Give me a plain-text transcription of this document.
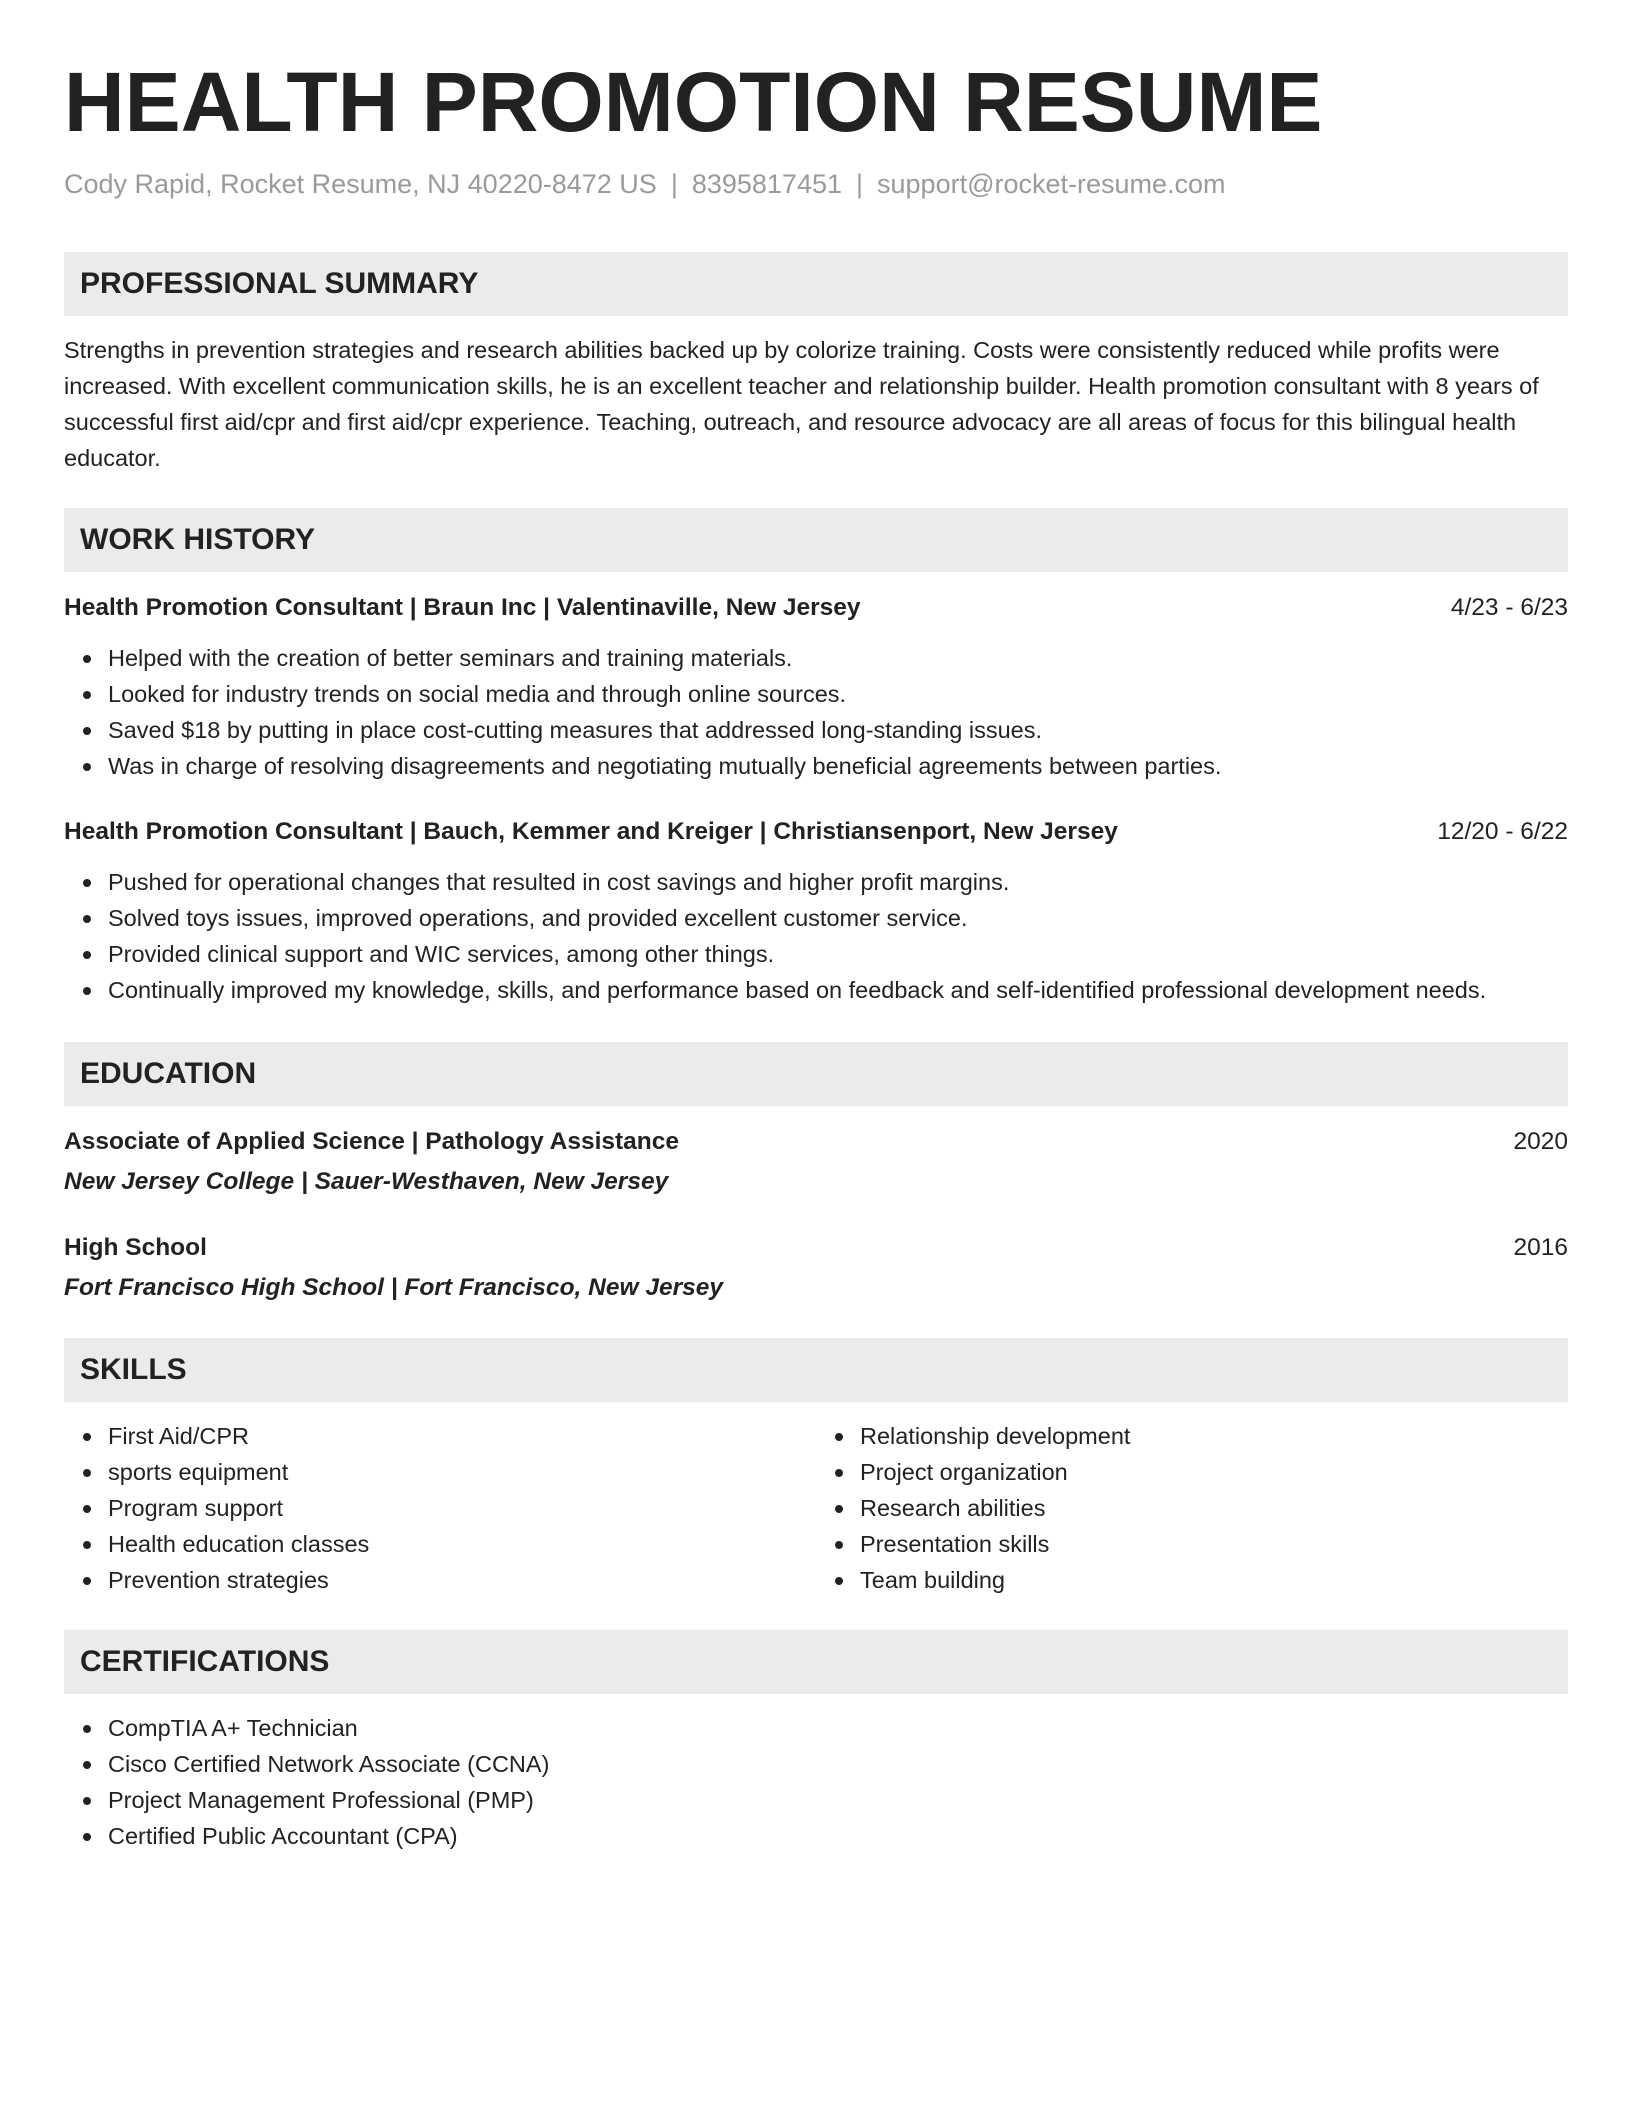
HEALTH PROMOTION RESUME
Cody Rapid, Rocket Resume, NJ 40220-8472 US | 8395817451 | support@rocket-resume.com
PROFESSIONAL SUMMARY
Strengths in prevention strategies and research abilities backed up by colorize training. Costs were consistently reduced while profits were increased. With excellent communication skills, he is an excellent teacher and relationship builder. Health promotion consultant with 8 years of successful first aid/cpr and first aid/cpr experience. Teaching, outreach, and resource advocacy are all areas of focus for this bilingual health educator.
WORK HISTORY
Health Promotion Consultant | Braun Inc | Valentinaville, New Jersey	4/23 - 6/23
Helped with the creation of better seminars and training materials.
Looked for industry trends on social media and through online sources.
Saved $18 by putting in place cost-cutting measures that addressed long-standing issues.
Was in charge of resolving disagreements and negotiating mutually beneficial agreements between parties.
Health Promotion Consultant | Bauch, Kemmer and Kreiger | Christiansenport, New Jersey	12/20 - 6/22
Pushed for operational changes that resulted in cost savings and higher profit margins.
Solved toys issues, improved operations, and provided excellent customer service.
Provided clinical support and WIC services, among other things.
Continually improved my knowledge, skills, and performance based on feedback and self-identified professional development needs.
EDUCATION
Associate of Applied Science | Pathology Assistance	2020
New Jersey College | Sauer-Westhaven, New Jersey
High School	2016
Fort Francisco High School | Fort Francisco, New Jersey
SKILLS
First Aid/CPR
sports equipment
Program support
Health education classes
Prevention strategies
Relationship development
Project organization
Research abilities
Presentation skills
Team building
CERTIFICATIONS
CompTIA A+ Technician
Cisco Certified Network Associate (CCNA)
Project Management Professional (PMP)
Certified Public Accountant (CPA)
